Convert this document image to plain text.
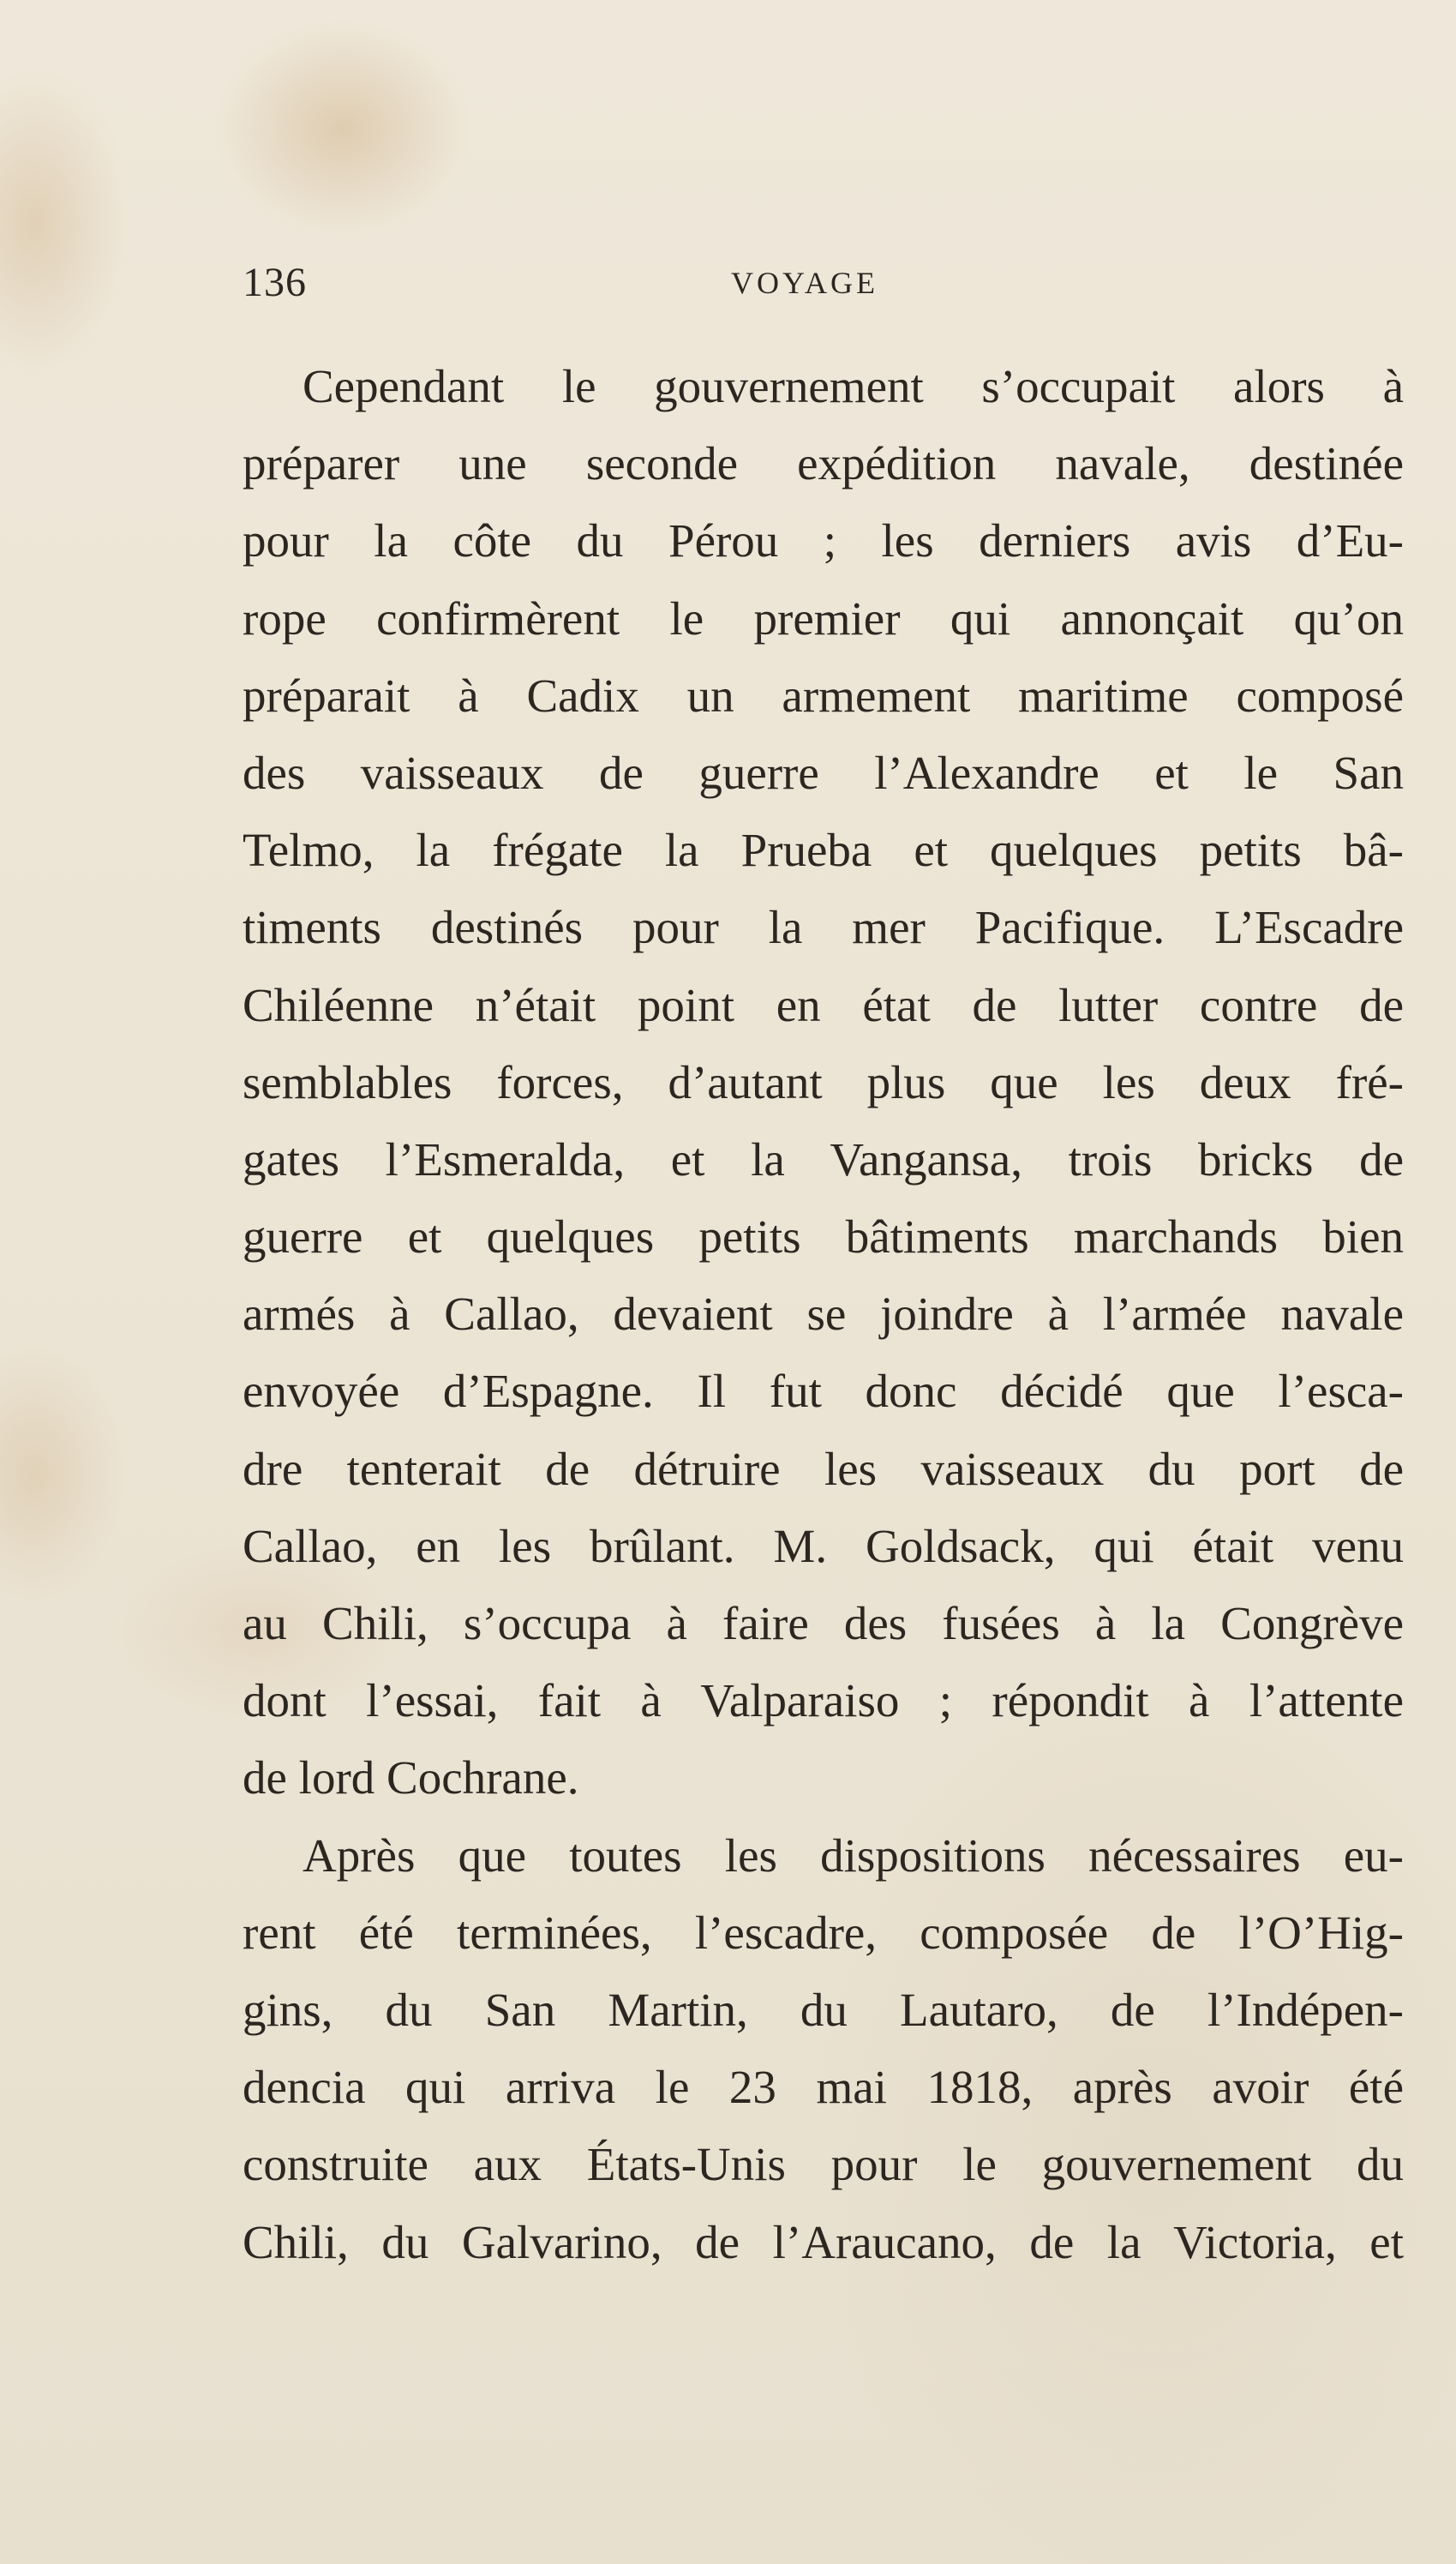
136	VOYAGE
Cependant le gouvernement s’occupait alors à
préparer une seconde expédition navale, destinée
pour la côte du Pérou ; les derniers avis d’Eu-
rope confirmèrent le premier qui annonçait qu’on
préparait à Cadix un armement maritime composé
des vaisseaux de guerre l’Alexandre et le San
Telmo, la frégate la Prueba et quelques petits bâ-
timents destinés pour la mer Pacifique. L’Escadre
Chiléenne n’était point en état de lutter contre de
semblables forces, d’autant plus que les deux fré-
gates l’Esmeralda, et la Vangansa, trois bricks de
guerre et quelques petits bâtiments marchands bien
armés à Callao, devaient se joindre à l’armée navale
envoyée d’Espagne. Il fut donc décidé que l’esca-
dre tenterait de détruire les vaisseaux du port de
Callao, en les brûlant. M. Goldsack, qui était venu
au Chili, s’occupa à faire des fusées à la Congrève
dont l’essai, fait à Valparaiso ; répondit à l’attente
de lord Cochrane.
Après que toutes les dispositions nécessaires eu-
rent été terminées, l’escadre, composée de l’O’Hig-
gins, du San Martin, du Lautaro, de l’Indépen-
dencia qui arriva le 23 mai 1818, après avoir été
construite aux États-Unis pour le gouvernement du
Chili, du Galvarino, de l’Araucano, de la Victoria, et
